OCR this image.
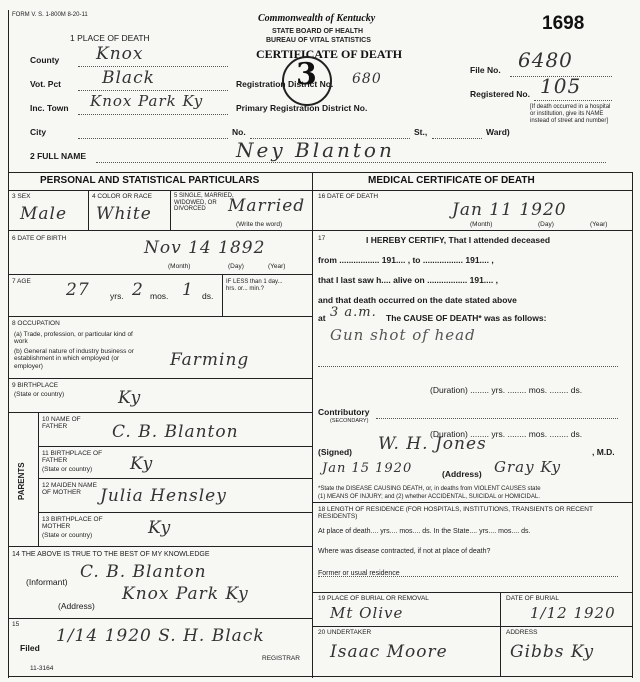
FORM V. S. 1-800M 8-20-11	Commonwealth of Kentucky
STATE BOARD OF HEALTH
BUREAU OF VITAL STATISTICS
CERTIFICATE OF DEATH
1698
1 PLACE OF DEATH
County Knox
Vot. Pct Black
Inc. Town Knox Park Ky
City	No.	St.,	Ward)
Registration District No. 680
Primary Registration District No.
3	File No. 6480
Registered No. 105
[If death occurred in a hospital or institution, give its NAME instead of street and number]
2 FULL NAME	Ney Blanton
PERSONAL AND STATISTICAL PARTICULARS	MEDICAL CERTIFICATE OF DEATH
3 SEX
Male
4 COLOR OR RACE
White
5 SINGLE, MARRIED, WIDOWED, OR DIVORCED
(Write the word)
Married
6 DATE OF BIRTH	Nov 14 1892
(Month)	(Day)	(Year)
7 AGE 27 yrs. 2 mos. 1 ds.
IF LESS than 1 day... hrs. or... min.?
8 OCCUPATION
(a) Trade, profession, or particular kind of work
(b) General nature of industry business or establishment in which employed (or employer)	Farming
9 BIRTHPLACE
(State or country)	Ky
PARENTS
10 NAME OF FATHER	C. B. Blanton
11 BIRTHPLACE OF FATHER
(State or country) Ky
12 MAIDEN NAME OF MOTHER	Julia Hensley
13 BIRTHPLACE OF MOTHER
(State or country)	Ky
14 THE ABOVE IS TRUE TO THE BEST OF MY KNOWLEDGE
(Informant) C. B. Blanton
(Address)
Knox Park Ky
15
Filed
1/14 1920 S. H. Black
REGISTRAR
11-3164
16 DATE OF DEATH
Jan 11 1920
(Month)	(Day)	(Year)
17	I HEREBY CERTIFY, That I attended deceased
from ................. 191.... , to ................. 191.... ,
that I last saw h.... alive on ................. 191.... ,
and that death occurred on the date stated above
at 3 a.m. The CAUSE OF DEATH* was as follows:
Gun shot of head
(Duration) ........ yrs. ........ mos. ........ ds.
Contributory
(SECONDARY)
(Duration) ........ yrs. ........ mos. ........ ds.
(Signed) W. H. Jones	, M.D.
Jan 15 1920	(Address) Gray Ky
*State the DISEASE CAUSING DEATH, or, in deaths from VIOLENT CAUSES state
(1) MEANS OF INJURY; and (2) whether ACCIDENTAL, SUICIDAL or HOMICIDAL.
18 LENGTH OF RESIDENCE (FOR HOSPITALS, INSTITUTIONS, TRANSIENTS OR RECENT RESIDENTS)
At place of death.... yrs.... mos.... ds. In the State.... yrs.... mos.... ds.
Where was disease contracted, if not at place of death?
Former or usual residence
19 PLACE OF BURIAL OR REMOVAL
Mt Olive
DATE OF BURIAL
1/12 1920
20 UNDERTAKER
Isaac Moore
ADDRESS
Gibbs Ky
